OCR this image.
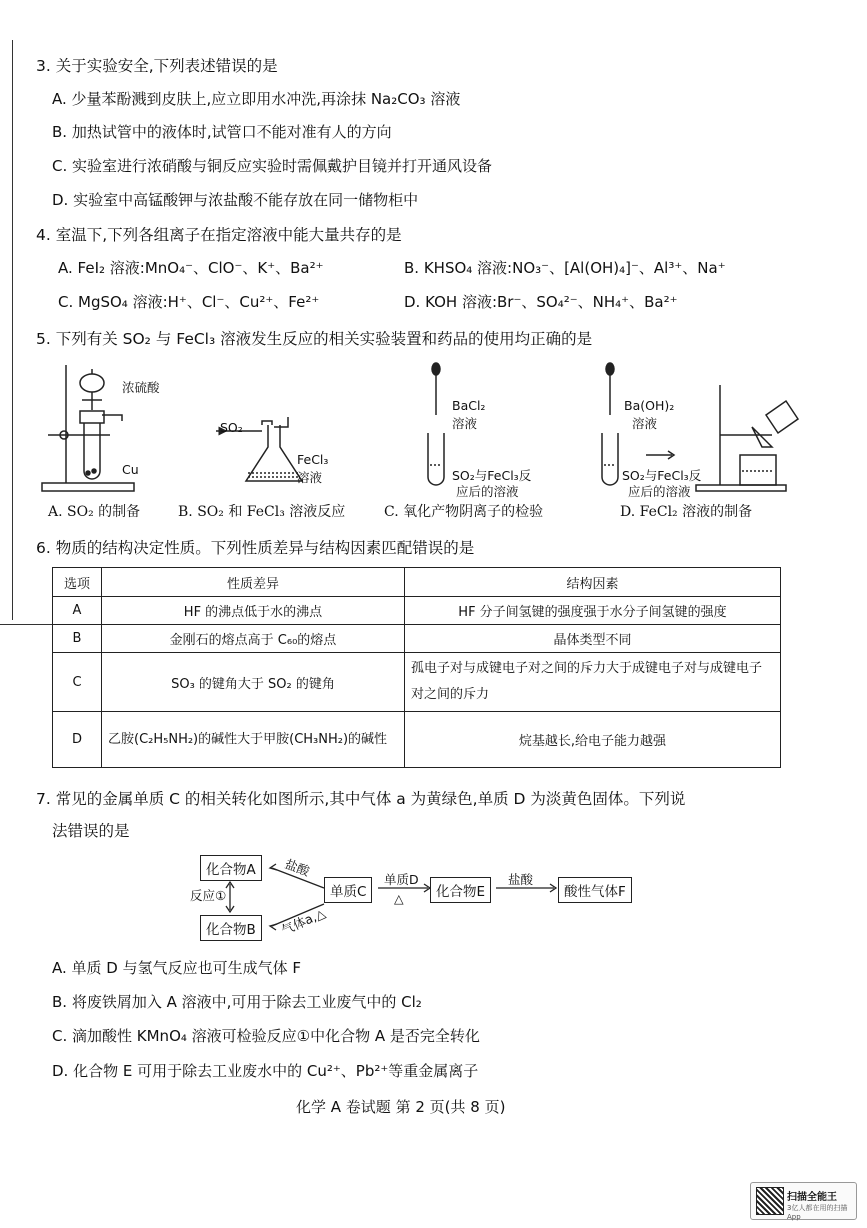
3. 关于实验安全,下列表述错误的是
A. 少量苯酚溅到皮肤上,应立即用水冲洗,再涂抹 Na₂CO₃ 溶液
B. 加热试管中的液体时,试管口不能对准有人的方向
C. 实验室进行浓硝酸与铜反应实验时需佩戴护目镜并打开通风设备
D. 实验室中高锰酸钾与浓盐酸不能存放在同一储物柜中
4. 室温下,下列各组离子在指定溶液中能大量共存的是
A. FeI₂ 溶液:MnO₄⁻、ClO⁻、K⁺、Ba²⁺	B. KHSO₄ 溶液:NO₃⁻、[Al(OH)₄]⁻、Al³⁺、Na⁺
C. MgSO₄ 溶液:H⁺、Cl⁻、Cu²⁺、Fe²⁺	D. KOH 溶液:Br⁻、SO₄²⁻、NH₄⁺、Ba²⁺
5. 下列有关 SO₂ 与 FeCl₃ 溶液发生反应的相关实验装置和药品的使用均正确的是
浓硫酸
Cu
SO₂
FeCl₃
溶液
BaCl₂
溶液
SO₂与FeCl₃反
应后的溶液
Ba(OH)₂
溶液
SO₂与FeCl₃反
应后的溶液
A. SO₂ 的制备	B. SO₂ 和 FeCl₃ 溶液反应	C. 氧化产物阴离子的检验	D. FeCl₂ 溶液的制备
6. 物质的结构决定性质。下列性质差异与结构因素匹配错误的是
选项	性质差异	结构因素
A	HF 的沸点低于水的沸点	HF 分子间氢键的强度强于水分子间氢键的强度
B	金刚石的熔点高于 C₆₀的熔点	晶体类型不同
C	SO₃ 的键角大于 SO₂ 的键角	孤电子对与成键电子对之间的斥力大于成键电子对与成键电子对之间的斥力
D	乙胺(C₂H₅NH₂)的碱性大于甲胺(CH₃NH₂)的碱性	烷基越长,给电子能力越强
7. 常见的金属单质 C 的相关转化如图所示,其中气体 a 为黄绿色,单质 D 为淡黄色固体。下列说
法错误的是
化合物A
化合物B
单质C	化合物E	酸性气体F
盐酸
反应①
气体a,△
单质D
△
盐酸
A. 单质 D 与氢气反应也可生成气体 F
B. 将废铁屑加入 A 溶液中,可用于除去工业废气中的 Cl₂
C. 滴加酸性 KMnO₄ 溶液可检验反应①中化合物 A 是否完全转化
D. 化合物 E 可用于除去工业废水中的 Cu²⁺、Pb²⁺等重金属离子
化学 A 卷试题 第 2 页(共 8 页)
扫描全能王
3亿人都在用的扫描App
